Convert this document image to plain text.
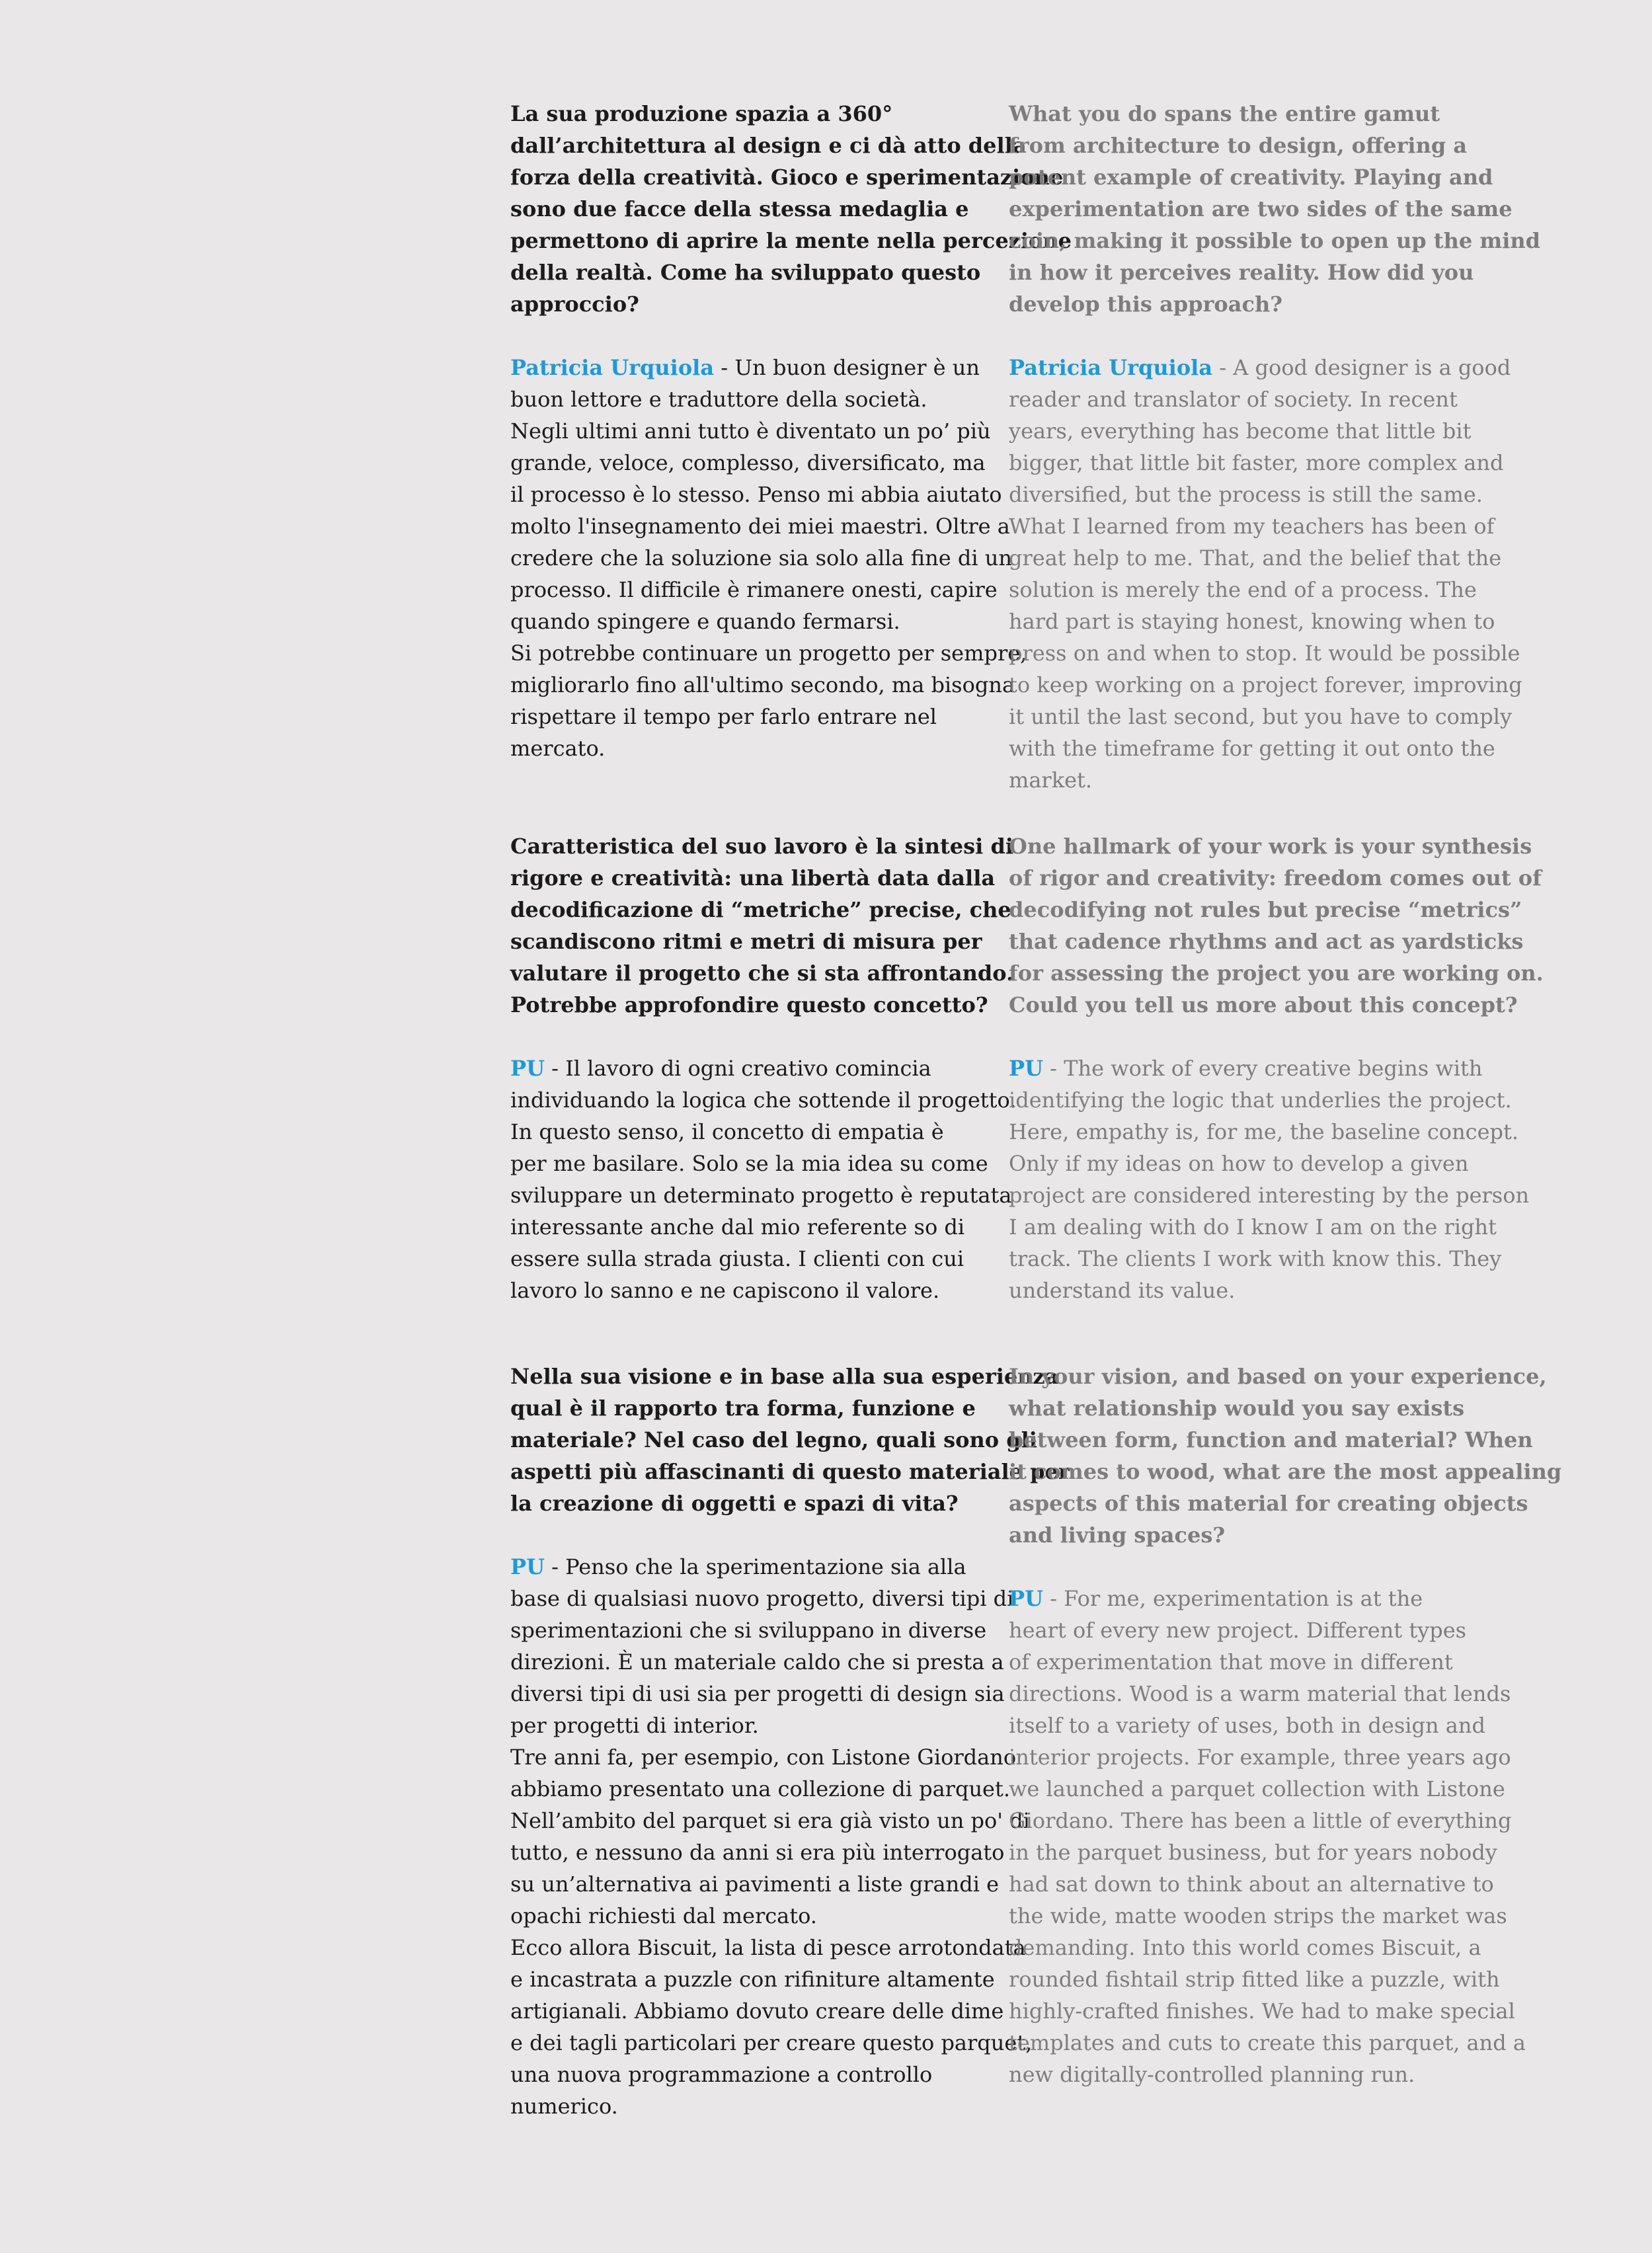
La sua produzione spazia a 360°
dall’architettura al design e ci dà atto della
forza della creatività. Gioco e sperimentazione
sono due facce della stessa medaglia e
permettono di aprire la mente nella percezione
della realtà. Come ha sviluppato questo
approccio?
Patricia Urquiola - Un buon designer è un
buon lettore e traduttore della società.
Negli ultimi anni tutto è diventato un po’ più
grande, veloce, complesso, diversificato, ma
il processo è lo stesso. Penso mi abbia aiutato
molto l'insegnamento dei miei maestri. Oltre a
credere che la soluzione sia solo alla fine di un
processo. Il difficile è rimanere onesti, capire
quando spingere e quando fermarsi.
Si potrebbe continuare un progetto per sempre,
migliorarlo fino all'ultimo secondo, ma bisogna
rispettare il tempo per farlo entrare nel
mercato.
Caratteristica del suo lavoro è la sintesi di
rigore e creatività: una libertà data dalla
decodificazione di “metriche” precise, che
scandiscono ritmi e metri di misura per
valutare il progetto che si sta affrontando.
Potrebbe approfondire questo concetto?
PU - Il lavoro di ogni creativo comincia
individuando la logica che sottende il progetto.
In questo senso, il concetto di empatia è
per me basilare. Solo se la mia idea su come
sviluppare un determinato progetto è reputata
interessante anche dal mio referente so di
essere sulla strada giusta. I clienti con cui
lavoro lo sanno e ne capiscono il valore.
Nella sua visione e in base alla sua esperienza
qual è il rapporto tra forma, funzione e
materiale? Nel caso del legno, quali sono gli
aspetti più affascinanti di questo materiale per
la creazione di oggetti e spazi di vita?
PU - Penso che la sperimentazione sia alla
base di qualsiasi nuovo progetto, diversi tipi di
sperimentazioni che si sviluppano in diverse
direzioni. È un materiale caldo che si presta a
diversi tipi di usi sia per progetti di design sia
per progetti di interior.
Tre anni fa, per esempio, con Listone Giordano
abbiamo presentato una collezione di parquet.
Nell’ambito del parquet si era già visto un po' di
tutto, e nessuno da anni si era più interrogato
su un’alternativa ai pavimenti a liste grandi e
opachi richiesti dal mercato.
Ecco allora Biscuit, la lista di pesce arrotondata
e incastrata a puzzle con rifiniture altamente
artigianali. Abbiamo dovuto creare delle dime
e dei tagli particolari per creare questo parquet,
una nuova programmazione a controllo
numerico.
What you do spans the entire gamut
from architecture to design, offering a
potent example of creativity. Playing and
experimentation are two sides of the same
coin, making it possible to open up the mind
in how it perceives reality. How did you
develop this approach?
Patricia Urquiola - A good designer is a good
reader and translator of society. In recent
years, everything has become that little bit
bigger, that little bit faster, more complex and
diversified, but the process is still the same.
What I learned from my teachers has been of
great help to me. That, and the belief that the
solution is merely the end of a process. The
hard part is staying honest, knowing when to
press on and when to stop. It would be possible
to keep working on a project forever, improving
it until the last second, but you have to comply
with the timeframe for getting it out onto the
market.
One hallmark of your work is your synthesis
of rigor and creativity: freedom comes out of
decodifying not rules but precise “metrics”
that cadence rhythms and act as yardsticks
for assessing the project you are working on.
Could you tell us more about this concept?
PU - The work of every creative begins with
identifying the logic that underlies the project.
Here, empathy is, for me, the baseline concept.
Only if my ideas on how to develop a given
project are considered interesting by the person
I am dealing with do I know I am on the right
track. The clients I work with know this. They
understand its value.
In your vision, and based on your experience,
what relationship would you say exists
between form, function and material? When
it comes to wood, what are the most appealing
aspects of this material for creating objects
and living spaces?
PU - For me, experimentation is at the
heart of every new project. Different types
of experimentation that move in different
directions. Wood is a warm material that lends
itself to a variety of uses, both in design and
interior projects. For example, three years ago
we launched a parquet collection with Listone
Giordano. There has been a little of everything
in the parquet business, but for years nobody
had sat down to think about an alternative to
the wide, matte wooden strips the market was
demanding. Into this world comes Biscuit, a
rounded fishtail strip fitted like a puzzle, with
highly-crafted finishes. We had to make special
templates and cuts to create this parquet, and a
new digitally-controlled planning run.
